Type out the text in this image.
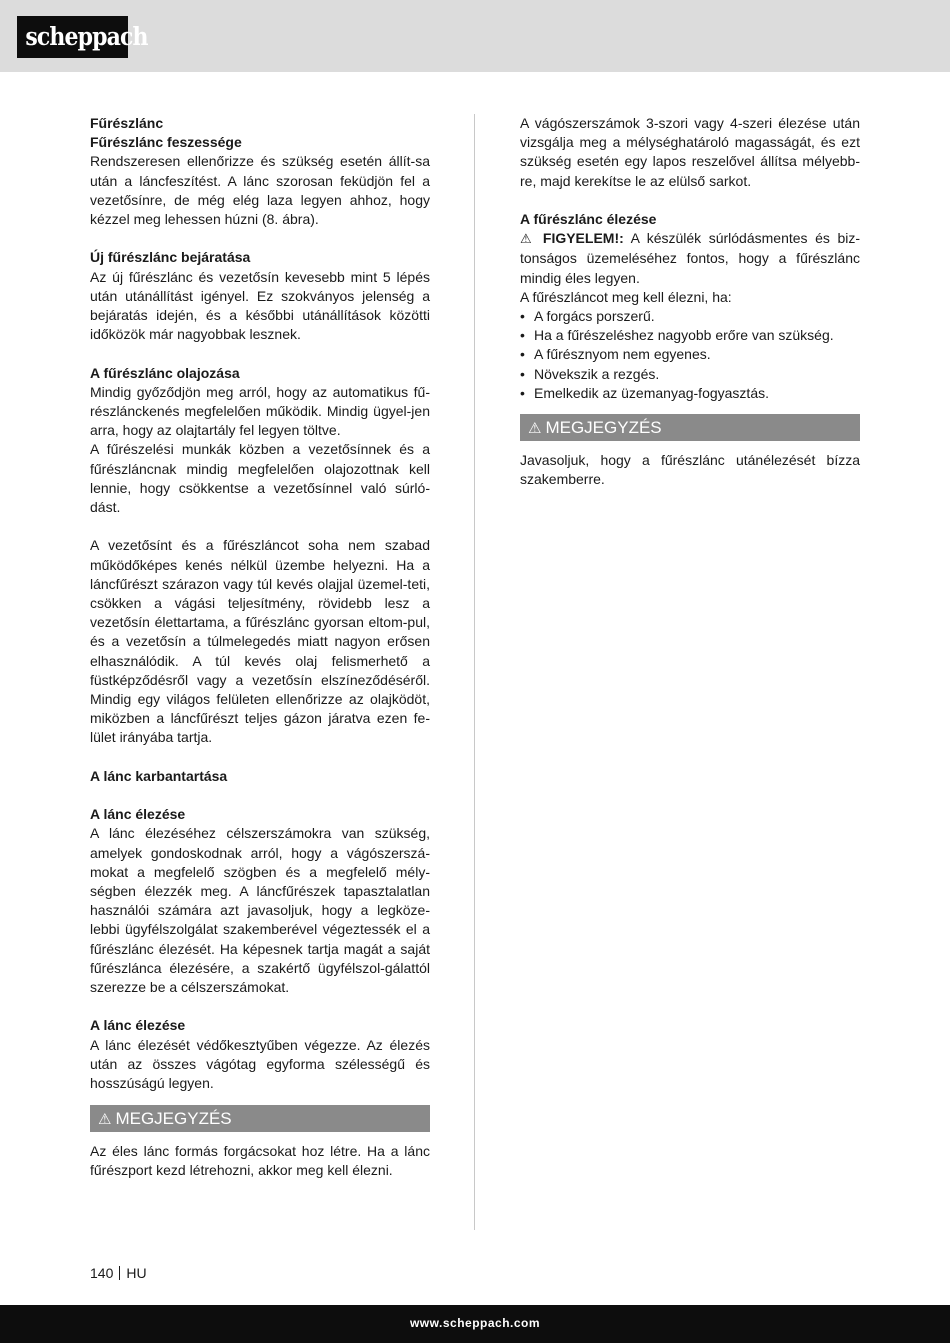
scheppach

Fűrészlánc

Fűrészlánc feszessége

Rendszeresen ellenőrizze és szükség esetén állít-sa után a láncfeszítést. A lánc szorosan feküdjön fel a vezetősínre, de még elég laza legyen ahhoz, hogy kézzel meg lehessen húzni (8. ábra).

Új fűrészlánc bejáratása

Az új fűrészlánc és vezetősín kevesebb mint 5 lépés után utánállítást igényel. Ez szokványos jelenség a bejáratás idején, és a későbbi utánállítások közötti időközök már nagyobbak lesznek.

A fűrészlánc olajozása

Mindig győződjön meg arról, hogy az automatikus fű-részlánckenés megfelelően működik. Mindig ügyel-jen arra, hogy az olajtartály fel legyen töltve.

A fűrészelési munkák közben a vezetősínnek és a fűrészláncnak mindig megfelelően olajozottnak kell lennie, hogy csökkentse a vezetősínnel való súrló-dást.

A vezetősínt és a fűrészláncot soha nem szabad működőképes kenés nélkül üzembe helyezni. Ha a láncfűrészt szárazon vagy túl kevés olajjal üzemel-teti, csökken a vágási teljesítmény, rövidebb lesz a vezetősín élettartama, a fűrészlánc gyorsan eltom-pul, és a vezetősín a túlmelegedés miatt nagyon erősen elhasználódik. A túl kevés olaj felismerhető a füstképződésről vagy a vezetősín elszíneződéséről. Mindig egy világos felületen ellenőrizze az olajködöt, miközben a láncfűrészt teljes gázon járatva ezen fe-lület irányába tartja.

A lánc karbantartása

A lánc élezése

A lánc élezéséhez célszerszámokra van szükség, amelyek gondoskodnak arról, hogy a vágószerszá-mokat a megfelelő szögben és a megfelelő mély-ségben élezzék meg. A láncfűrészek tapasztalatlan használói számára azt javasoljuk, hogy a legköze-lebbi ügyfélszolgálat szakemberével végeztessék el a fűrészlánc élezését. Ha képesnek tartja magát a saját fűrészlánca élezésére, a szakértő ügyfélszol-gálattól szerezze be a célszerszámokat.

A lánc élezése

A lánc élezését védőkesztyűben végezze. Az élezés után az összes vágótag egyforma szélességű és hosszúságú legyen.

⚠ MEGJEGYZÉS

Az éles lánc formás forgácsokat hoz létre. Ha a lánc fűrészport kezd létrehozni, akkor meg kell élezni.

A vágószerszámok 3-szori vagy 4-szeri élezése után vizsgálja meg a mélységhatároló magasságát, és ezt szükség esetén egy lapos reszelővel állítsa mélyebb-re, majd kerekítse le az elülső sarkot.

A fűrészlánc élezése

⚠ FIGYELEM!: A készülék súrlódásmentes és biz-tonságos üzemeléséhez fontos, hogy a fűrészlánc mindig éles legyen.

A fűrészláncot meg kell élezni, ha:

• A forgács porszerű.
• Ha a fűrészeléshez nagyobb erőre van szükség.
• A fűrésznyom nem egyenes.
• Növekszik a rezgés.
• Emelkedik az üzemanyag-fogyasztás.
⚠ MEGJEGYZÉS

Javasoljuk, hogy a fűrészlánc utánélezését bízza szakemberre.

140 HU
www.scheppach.com
